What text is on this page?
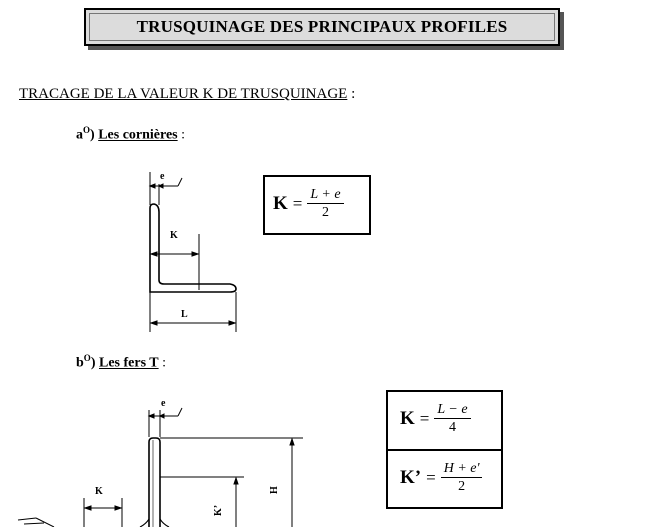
TRUSQUINAGE DES PRINCIPAUX PROFILES
TRACAGE DE LA VALEUR K DE TRUSQUINAGE :
$a^O$) Les cornières :
$b^O$) Les fers T :
e
K
L
e
K
K’
H
$K = \frac{L + e}{2}$
$K = \frac{L - e}{4}$
K’ = $\frac{H + e'}{2}$
